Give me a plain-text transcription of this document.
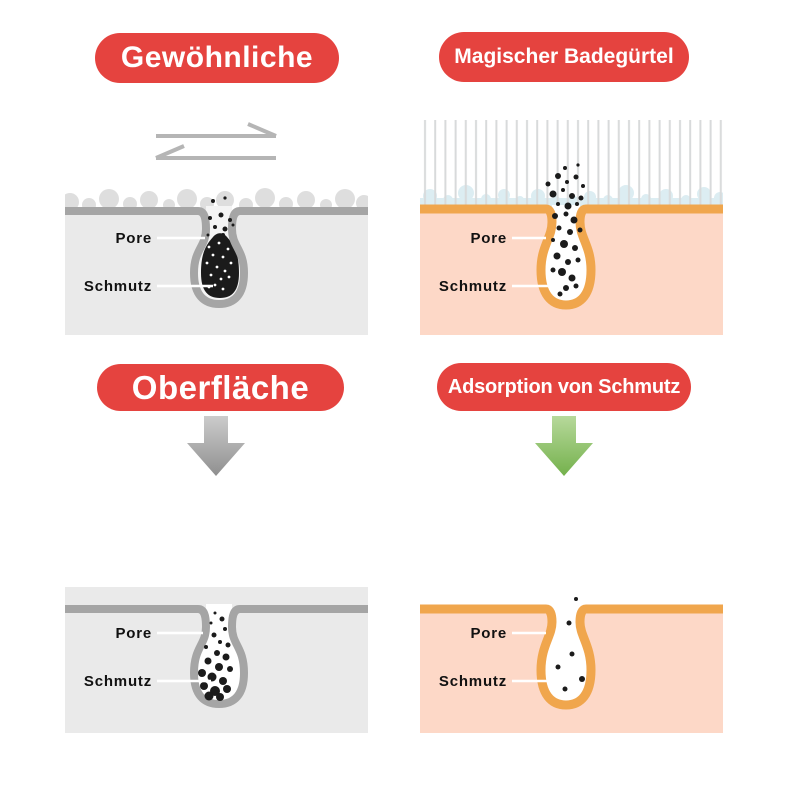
Gewöhnliche	Magischer Badegürtel
Pore
Schmutz
Pore
Schmutz
Oberfläche	Adsorption von Schmutz
Pore
Schmutz
Pore
Schmutz
